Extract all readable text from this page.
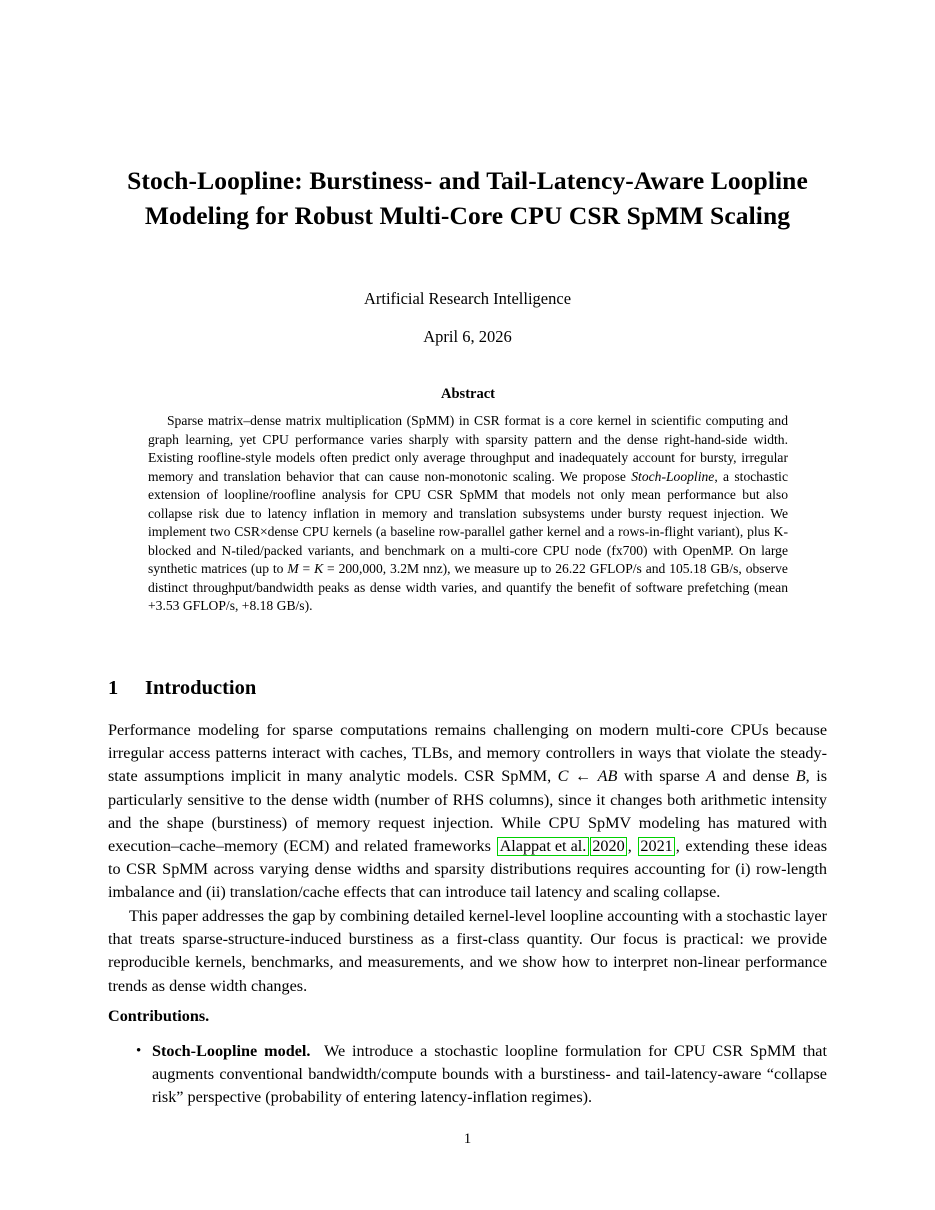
Stoch-Loopline: Burstiness- and Tail-Latency-Aware Loopline Modeling for Robust Multi-Core CPU CSR SpMM Scaling
Artificial Research Intelligence
April 6, 2026
Abstract
Sparse matrix–dense matrix multiplication (SpMM) in CSR format is a core kernel in scientific computing and graph learning, yet CPU performance varies sharply with sparsity pattern and the dense right-hand-side width. Existing roofline-style models often predict only average throughput and inadequately account for bursty, irregular memory and translation behavior that can cause non-monotonic scaling. We propose Stoch-Loopline, a stochastic extension of loopline/roofline analysis for CPU CSR SpMM that models not only mean performance but also collapse risk due to latency inflation in memory and translation subsystems under bursty request injection. We implement two CSR×dense CPU kernels (a baseline row-parallel gather kernel and a rows-in-flight variant), plus K-blocked and N-tiled/packed variants, and benchmark on a multi-core CPU node (fx700) with OpenMP. On large synthetic matrices (up to M = K = 200,000, 3.2M nnz), we measure up to 26.22 GFLOP/s and 105.18 GB/s, observe distinct throughput/bandwidth peaks as dense width varies, and quantify the benefit of software prefetching (mean +3.53 GFLOP/s, +8.18 GB/s).
1 Introduction
Performance modeling for sparse computations remains challenging on modern multi-core CPUs because irregular access patterns interact with caches, TLBs, and memory controllers in ways that violate the steady-state assumptions implicit in many analytic models. CSR SpMM, C ← AB with sparse A and dense B, is particularly sensitive to the dense width (number of RHS columns), since it changes both arithmetic intensity and the shape (burstiness) of memory request injection. While CPU SpMV modeling has matured with execution–cache–memory (ECM) and related frameworks Alappat et al. 2020 , 2021 , extending these ideas to CSR SpMM across varying dense widths and sparsity distributions requires accounting for (i) row-length imbalance and (ii) translation/cache effects that can introduce tail latency and scaling collapse.
This paper addresses the gap by combining detailed kernel-level loopline accounting with a stochastic layer that treats sparse-structure-induced burstiness as a first-class quantity. Our focus is practical: we provide reproducible kernels, benchmarks, and measurements, and we show how to interpret non-linear performance trends as dense width changes.
Contributions.
• Stoch-Loopline model. We introduce a stochastic loopline formulation for CPU CSR SpMM that augments conventional bandwidth/compute bounds with a burstiness- and tail-latency-aware “collapse risk” perspective (probability of entering latency-inflation regimes).
1
